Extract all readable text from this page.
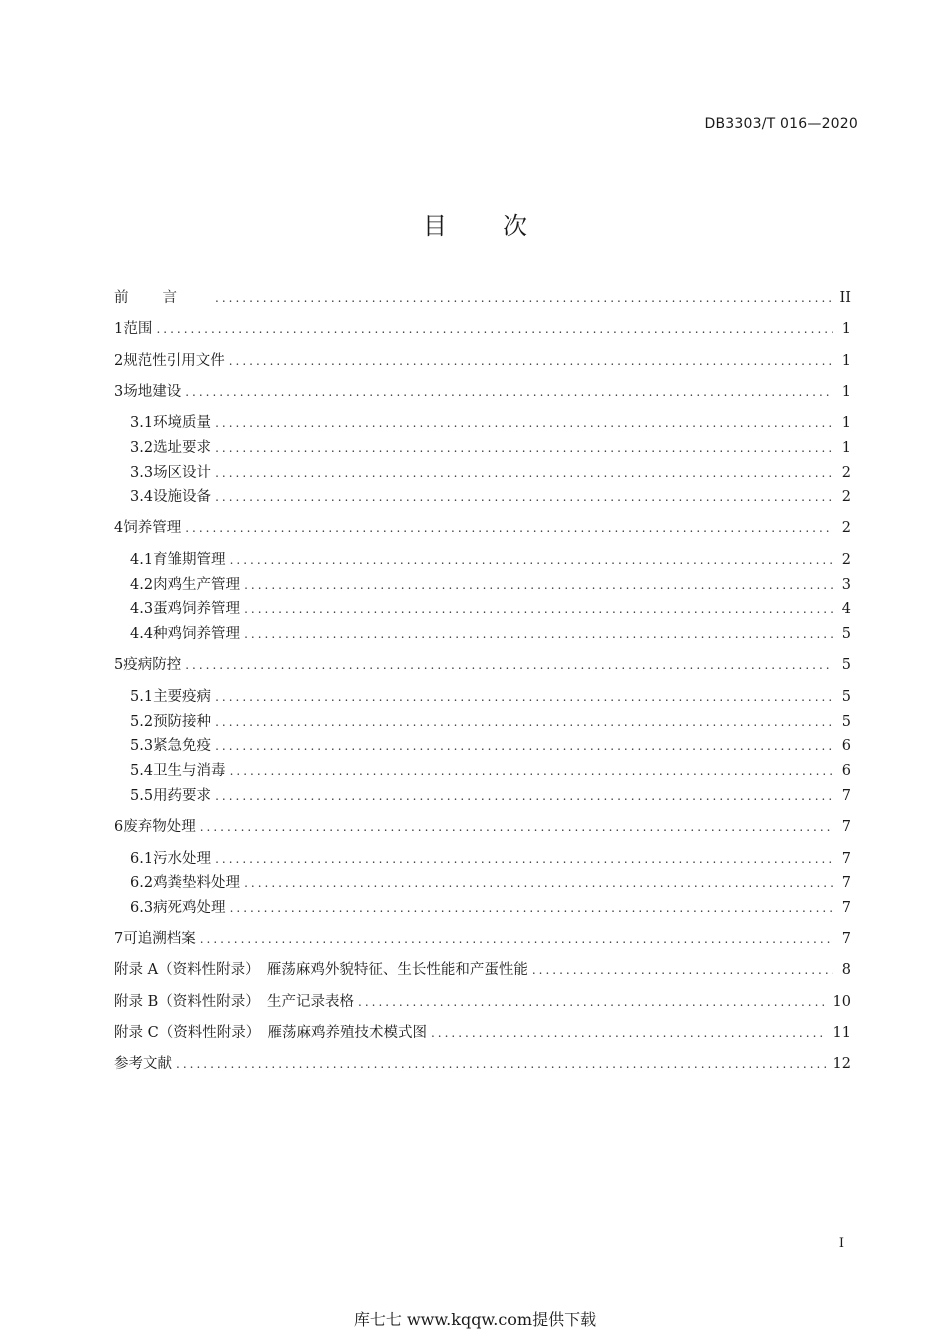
DB3303/T 016—2020
目次
前言 .....	II
1 范围 .....	1
2 规范性引用文件 .....	1
3 场地建设 .....	1
3.1 环境质量 .....	1
3.2 选址要求 .....	1
3.3 场区设计 .....	2
3.4 设施设备 .....	2
4 饲养管理 .....	2
4.1 育雏期管理 .....	2
4.2 肉鸡生产管理 .....	3
4.3 蛋鸡饲养管理 .....	4
4.4 种鸡饲养管理 .....	5
5 疫病防控 .....	5
5.1 主要疫病 .....	5
5.2 预防接种 .....	5
5.3 紧急免疫 .....	6
5.4 卫生与消毒 .....	6
5.5 用药要求 .....	7
6 废弃物处理 .....	7
6.1 污水处理 .....	7
6.2 鸡粪垫料处理 .....	7
6.3 病死鸡处理 .....	7
7 可追溯档案 .....	7
附录 A（资料性附录）　雁荡麻鸡外貌特征、生长性能和产蛋性能 .....	8
附录 B（资料性附录）　生产记录表格 .....	10
附录 C（资料性附录）　雁荡麻鸡养殖技术模式图 .....	11
参考文献 .....	12
I
库七七 www.kqqw.com提供下载
